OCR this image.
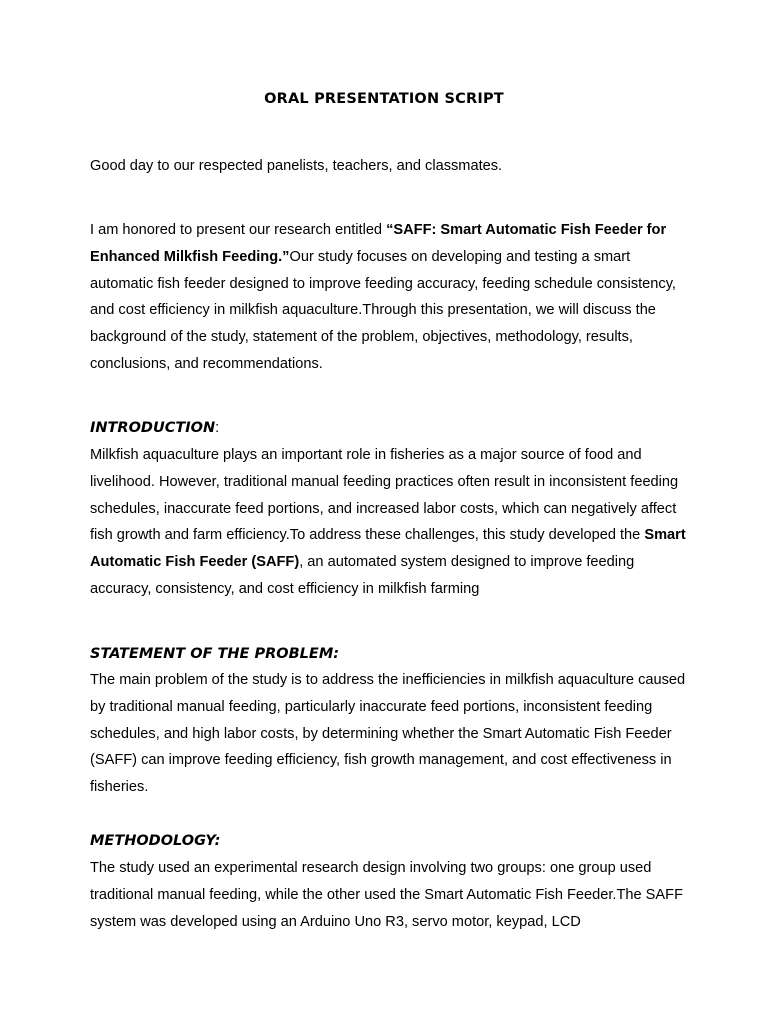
ORAL PRESENTATION SCRIPT

Good day to our respected panelists, teachers, and classmates.

I am honored to present our research entitled “SAFF: Smart Automatic Fish Feeder for Enhanced Milkfish Feeding.”Our study focuses on developing and testing a smart automatic fish feeder designed to improve feeding accuracy, feeding schedule consistency, and cost efficiency in milkfish aquaculture.Through this presentation, we will discuss the background of the study, statement of the problem, objectives, methodology, results, conclusions, and recommendations.

INTRODUCTION:

Milkfish aquaculture plays an important role in fisheries as a major source of food and livelihood. However, traditional manual feeding practices often result in inconsistent feeding schedules, inaccurate feed portions, and increased labor costs, which can negatively affect fish growth and farm efficiency.To address these challenges, this study developed the Smart Automatic Fish Feeder (SAFF), an automated system designed to improve feeding accuracy, consistency, and cost efficiency in milkfish farming

STATEMENT OF THE PROBLEM:

The main problem of the study is to address the inefficiencies in milkfish aquaculture caused by traditional manual feeding, particularly inaccurate feed portions, inconsistent feeding schedules, and high labor costs, by determining whether the Smart Automatic Fish Feeder (SAFF) can improve feeding efficiency, fish growth management, and cost effectiveness in fisheries.

METHODOLOGY:

The study used an experimental research design involving two groups: one group used traditional manual feeding, while the other used the Smart Automatic Fish Feeder.The SAFF system was developed using an Arduino Uno R3, servo motor, keypad, LCD
